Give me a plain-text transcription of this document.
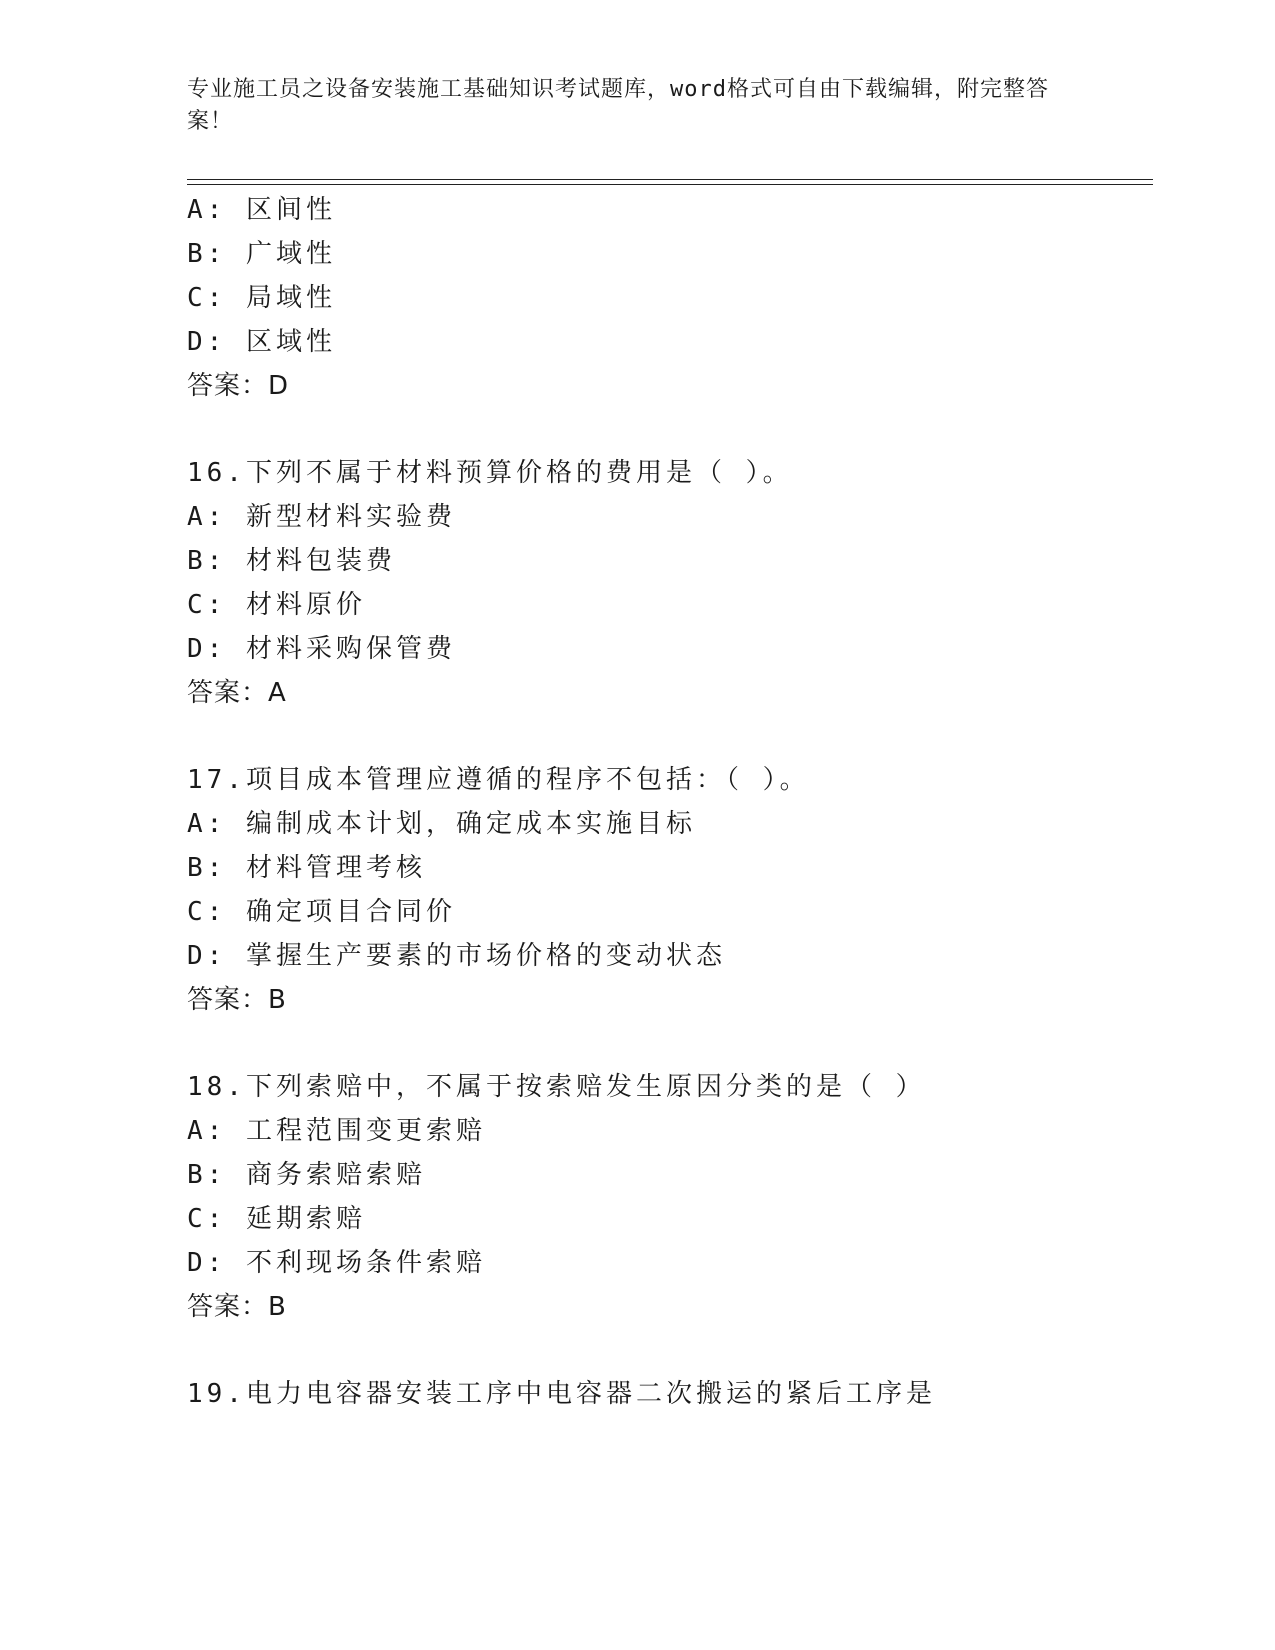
专业施工员之设备安装施工基础知识考试题库，word格式可自由下载编辑，附完整答案！
A: 区间性
B: 广域性
C: 局域性
D: 区域性
答案：D
16.下列不属于材料预算价格的费用是（ ）。
A: 新型材料实验费
B: 材料包装费
C: 材料原价
D: 材料采购保管费
答案：A
17.项目成本管理应遵循的程序不包括：（ ）。
A: 编制成本计划，确定成本实施目标
B: 材料管理考核
C: 确定项目合同价
D: 掌握生产要素的市场价格的变动状态
答案：B
18.下列索赔中，不属于按索赔发生原因分类的是（ ）
A: 工程范围变更索赔
B: 商务索赔索赔
C: 延期索赔
D: 不利现场条件索赔
答案：B
19.电力电容器安装工序中电容器二次搬运的紧后工序是
